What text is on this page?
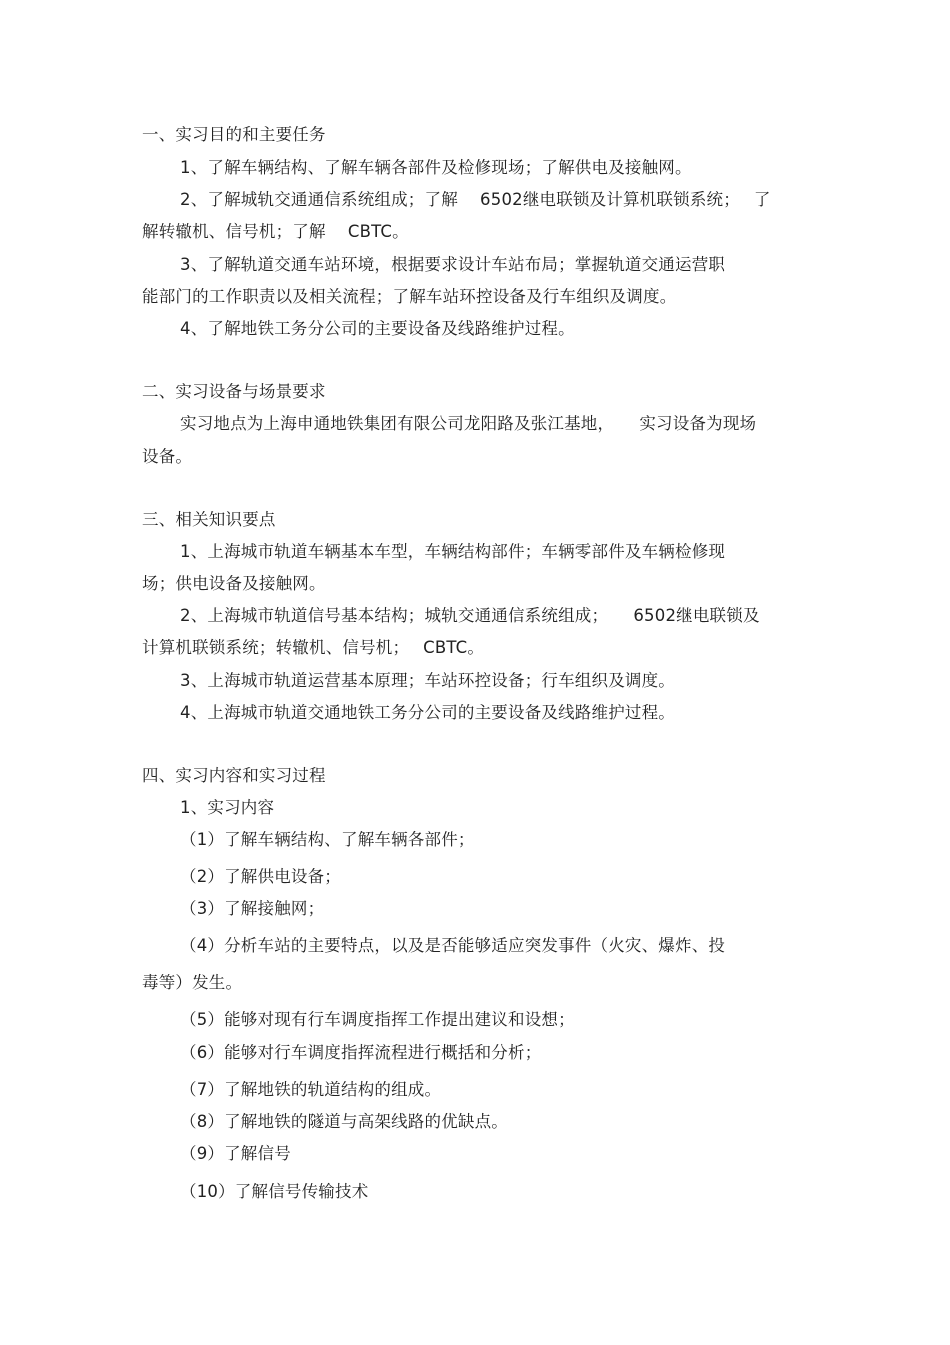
一、实习目的和主要任务
1、了解车辆结构、了解车辆各部件及检修现场；了解供电及接触网。
2、了解城轨交通通信系统组成；了解　 6502继电联锁及计算机联锁系统；　 了
解转辙机、信号机；了解　 CBTC。
3、了解轨道交通车站环境，根据要求设计车站布局；掌握轨道交通运营职
能部门的工作职责以及相关流程；了解车站环控设备及行车组织及调度。
4、了解地铁工务分公司的主要设备及线路维护过程。
二、实习设备与场景要求
实习地点为上海申通地铁集团有限公司龙阳路及张江基地，　　实习设备为现场
设备。
三、相关知识要点
1、上海城市轨道车辆基本车型，车辆结构部件；车辆零部件及车辆检修现
场；供电设备及接触网。
2、上海城市轨道信号基本结构；城轨交通通信系统组成；　　6502继电联锁及
计算机联锁系统；转辙机、信号机；　 CBTC。
3、上海城市轨道运营基本原理；车站环控设备；行车组织及调度。
4、上海城市轨道交通地铁工务分公司的主要设备及线路维护过程。
四、实习内容和实习过程
1、实习内容
（1）了解车辆结构、了解车辆各部件；
（2）了解供电设备；
（3）了解接触网；
（4）分析车站的主要特点，以及是否能够适应突发事件（火灾、爆炸、投
毒等）发生。
（5）能够对现有行车调度指挥工作提出建议和设想；
（6）能够对行车调度指挥流程进行概括和分析；
（7）了解地铁的轨道结构的组成。
（8）了解地铁的隧道与高架线路的优缺点。
（9）了解信号
（10）了解信号传输技术
